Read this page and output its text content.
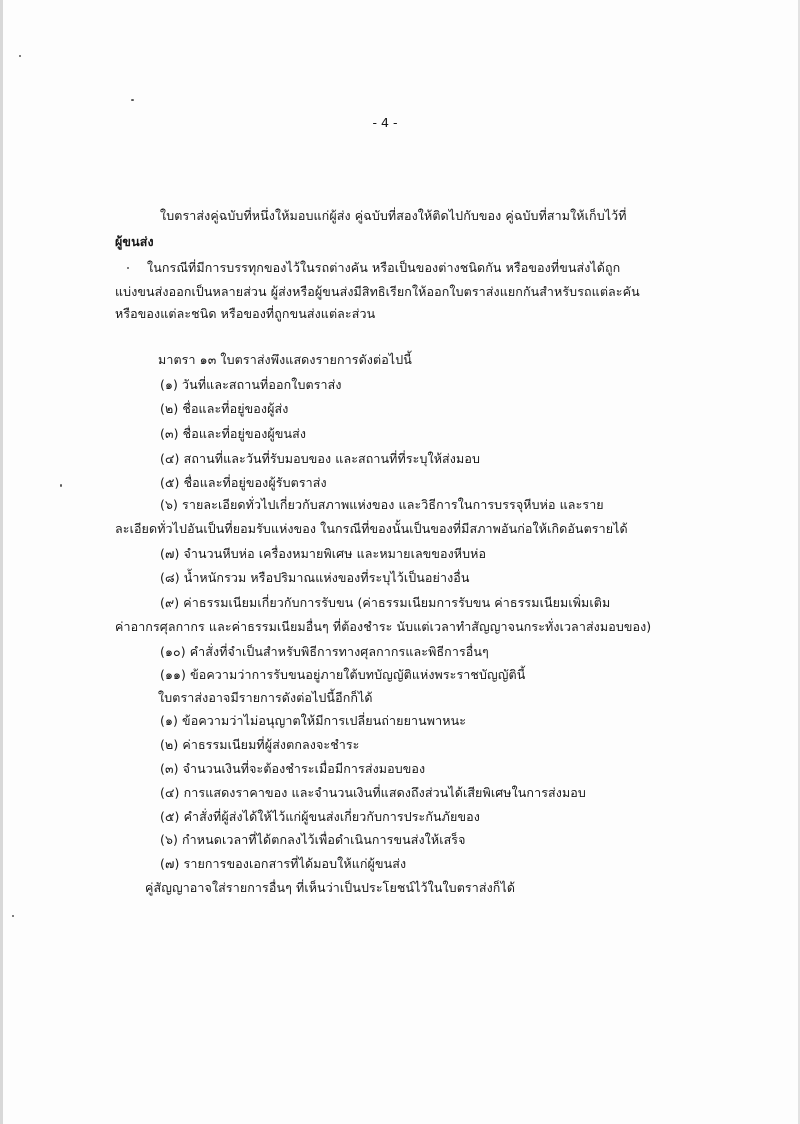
- 4 -
ใบตราส่งคู่ฉบับที่หนึ่งให้มอบแก่ผู้ส่ง คู่ฉบับที่สองให้ติดไปกับของ คู่ฉบับที่สามให้เก็บไว้ที่
ผู้ขนส่ง
ในกรณีที่มีการบรรทุกของไว้ในรถต่างคัน หรือเป็นของต่างชนิดกัน หรือของที่ขนส่งได้ถูก
แบ่งขนส่งออกเป็นหลายส่วน ผู้ส่งหรือผู้ขนส่งมีสิทธิเรียกให้ออกใบตราส่งแยกกันสำหรับรถแต่ละคัน
หรือของแต่ละชนิด หรือของที่ถูกขนส่งแต่ละส่วน
มาตรา ๑๓ ใบตราส่งพึงแสดงรายการดังต่อไปนี้
(๑) วันที่และสถานที่ออกใบตราส่ง
(๒) ชื่อและที่อยู่ของผู้ส่ง
(๓) ชื่อและที่อยู่ของผู้ขนส่ง
(๔) สถานที่และวันที่รับมอบของ และสถานที่ที่ระบุให้ส่งมอบ
(๕) ชื่อและที่อยู่ของผู้รับตราส่ง
(๖) รายละเอียดทั่วไปเกี่ยวกับสภาพแห่งของ และวิธีการในการบรรจุหีบห่อ และราย
ละเอียดทั่วไปอันเป็นที่ยอมรับแห่งของ ในกรณีที่ของนั้นเป็นของที่มีสภาพอันก่อให้เกิดอันตรายได้
(๗) จำนวนหีบห่อ เครื่องหมายพิเศษ และหมายเลขของหีบห่อ
(๘) น้ำหนักรวม หรือปริมาณแห่งของที่ระบุไว้เป็นอย่างอื่น
(๙) ค่าธรรมเนียมเกี่ยวกับการรับขน (ค่าธรรมเนียมการรับขน ค่าธรรมเนียมเพิ่มเติม
ค่าอากรศุลกากร และค่าธรรมเนียมอื่นๆ ที่ต้องชำระ นับแต่เวลาทำสัญญาจนกระทั่งเวลาส่งมอบของ)
(๑๐) คำสั่งที่จำเป็นสำหรับพิธีการทางศุลกากรและพิธีการอื่นๆ
(๑๑) ข้อความว่าการรับขนอยู่ภายใต้บทบัญญัติแห่งพระราชบัญญัตินี้
ใบตราส่งอาจมีรายการดังต่อไปนี้อีกก็ได้
(๑) ข้อความว่าไม่อนุญาตให้มีการเปลี่ยนถ่ายยานพาหนะ
(๒) ค่าธรรมเนียมที่ผู้ส่งตกลงจะชำระ
(๓) จำนวนเงินที่จะต้องชำระเมื่อมีการส่งมอบของ
(๔) การแสดงราคาของ และจำนวนเงินที่แสดงถึงส่วนได้เสียพิเศษในการส่งมอบ
(๕) คำสั่งที่ผู้ส่งได้ให้ไว้แก่ผู้ขนส่งเกี่ยวกับการประกันภัยของ
(๖) กำหนดเวลาที่ได้ตกลงไว้เพื่อดำเนินการขนส่งให้เสร็จ
(๗) รายการของเอกสารที่ได้มอบให้แก่ผู้ขนส่ง
คู่สัญญาอาจใส่รายการอื่นๆ ที่เห็นว่าเป็นประโยชน์ไว้ในใบตราส่งก็ได้
